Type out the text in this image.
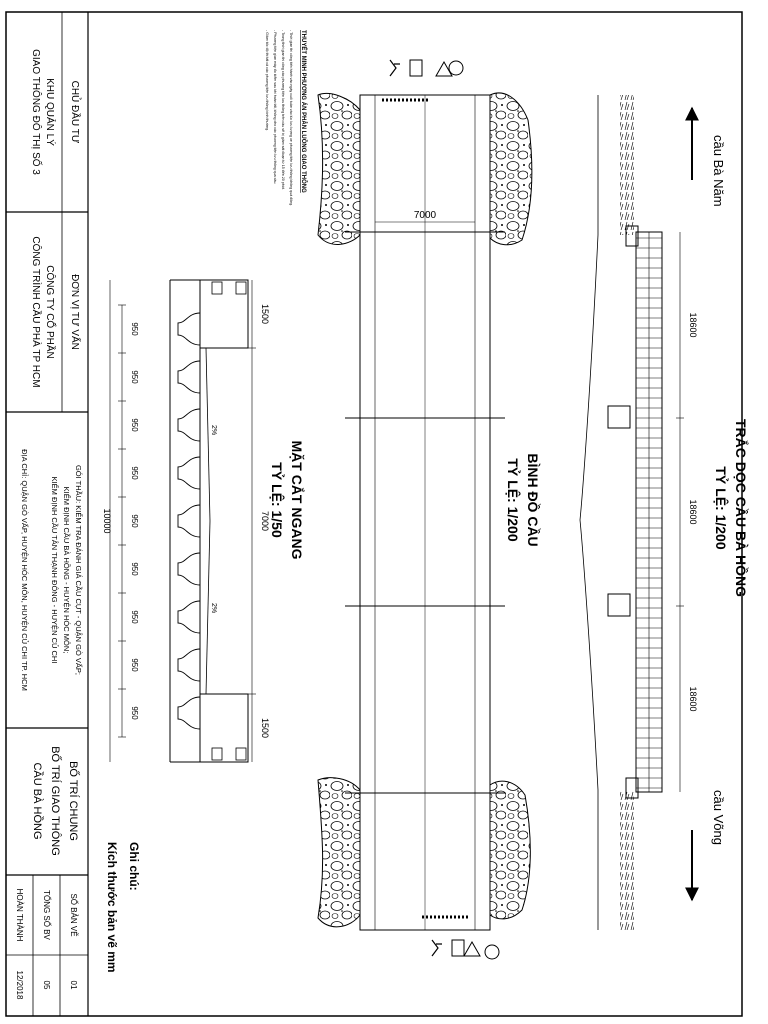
CHỦ ĐẦU TƯ
KHU QUẢN LÝ
GIAO THÔNG ĐÔ THỊ SỐ 3
ĐƠN VỊ TƯ VẤN
CÔNG TY CỔ PHẦN
CÔNG TRÌNH CẦU PHÀ TP HCM
GÓI THẦU: KIỂM TRA ĐÁNH GIÁ CẦU CỤT - QUẬN GÒ VẤP;
KIỂM ĐỊNH CẦU BÀ HỒNG - HUYỆN HÓC MÔN;
KIỂM ĐỊNH CẦU TÂN THẠNH ĐÔNG - HUYỆN CỦ CHI
ĐỊA CHỈ: QUẬN GÒ VẤP, HUYỆN HÓC MÔN, HUYỆN CỦ CHI TP. HCM
BỐ TRÍ CHUNG
BỐ TRÍ GIAO THÔNG
CẦU BÀ HỒNG
SỐ BẢN VẼ
01
TỔNG SỐ BV
05
HOÀN THÀNH
12/2018
Ghi chú:
Kích thước bản vẽ mm
THUYẾT MINH PHƯƠNG ÁN PHÂN LUỒNG GIAO THÔNG
- Thời gian thi công tiến hành vào ngày cuối tuần vào lúc lưu lượng xe phương tiện lưu thông không quá đông.
- Trong thời gian thi công các phương tiện lưu thông trên cầu sẽ bị giám sát đoạn từ 15 đến 20 phút.
- Phương tiện gian máy đo kiểm sau khi hoàn tất, không cho các phương tiện lưu thông qua cầu.
- Giảm tốc độ thi tất cả các phương tiện lưu thông bình thường.
2%
2%
1500
7000
1500
10000
950
950
950
950
950
950
950
950
950
MẶT CẮT NGANG
TỶ LỆ: 1/50
7000
BÌNH ĐỒ CẦU
TỶ LỆ: 1/200
18600
18600
18600
TRẮC DỌC CẦU BÀ HỒNG
TỶ LỆ: 1/200
cầu Bà Năm
cầu Võng
